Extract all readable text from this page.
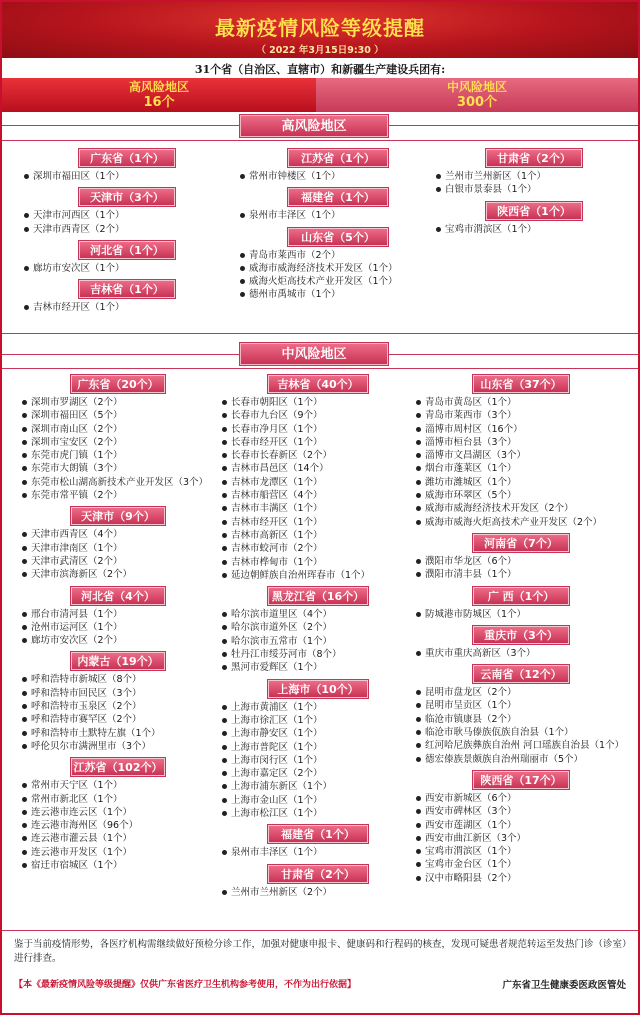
最新疫情风险等级提醒
（ 2022 年3月15日9:30 ）
31个省（自治区、直辖市）和新疆生产建设兵团有:
高风险地区
16个
中风险地区
300个
高风险地区
广东省（1个）
深圳市福田区（1个）
天津市（3个）
天津市河西区（1个）
天津市西青区（2个）
河北省（1个）
廊坊市安次区（1个）
吉林省（1个）
吉林市经开区（1个）
江苏省（1个）
常州市钟楼区（1个）
福建省（1个）
泉州市丰泽区（1个）
山东省（5个）
青岛市莱西市（2个）
威海市威海经济技术开发区（1个）
威海火炬高技术产业开发区（1个）
德州市禹城市（1个）
甘肃省（2个）
兰州市兰州新区（1个）
白银市景泰县（1个）
陕西省（1个）
宝鸡市渭滨区（1个）
中风险地区
广东省（20个）
深圳市罗湖区（2个）
深圳市福田区（5个）
深圳市南山区（2个）
深圳市宝安区（2个）
东莞市虎门镇（1个）
东莞市大朗镇（3个）
东莞市松山湖高新技术产业开发区（3个）
东莞市常平镇（2个）
天津市（9个）
天津市西青区（4个）
天津市津南区（1个）
天津市武清区（2个）
天津市滨海新区（2个）
河北省（4个）
邢台市清河县（1个）
沧州市运河区（1个）
廊坊市安次区（2个）
内蒙古（19个）
呼和浩特市新城区（8个）
呼和浩特市回民区（3个）
呼和浩特市玉泉区（2个）
呼和浩特市赛罕区（2个）
呼和浩特市土默特左旗（1个）
呼伦贝尔市满洲里市（3个）
江苏省（102个）
常州市天宁区（1个）
常州市新北区（1个）
连云港市连云区（1个）
连云港市海州区（96个）
连云港市灌云县（1个）
连云港市开发区（1个）
宿迁市宿城区（1个）
吉林省（40个）
长春市朝阳区（1个）
长春市九台区（9个）
长春市净月区（1个）
长春市经开区（1个）
长春市长春新区（2个）
吉林市昌邑区（14个）
吉林市龙潭区（1个）
吉林市船营区（4个）
吉林市丰满区（1个）
吉林市经开区（1个）
吉林市高新区（1个）
吉林市蛟河市（2个）
吉林市桦甸市（1个）
延边朝鲜族自治州珲春市（1个）
黑龙江省（16个）
哈尔滨市道里区（4个）
哈尔滨市道外区（2个）
哈尔滨市五常市（1个）
牡丹江市绥芬河市（8个）
黑河市爱辉区（1个）
上海市（10个）
上海市黄浦区（1个）
上海市徐汇区（1个）
上海市静安区（1个）
上海市普陀区（1个）
上海市闵行区（1个）
上海市嘉定区（2个）
上海市浦东新区（1个）
上海市金山区（1个）
上海市松江区（1个）
福建省（1个）
泉州市丰泽区（1个）
甘肃省（2个）
兰州市兰州新区（2个）
山东省（37个）
青岛市黄岛区（1个）
青岛市莱西市（3个）
淄博市周村区（16个）
淄博市桓台县（3个）
淄博市文昌湖区（3个）
烟台市蓬莱区（1个）
潍坊市潍城区（1个）
威海市环翠区（5个）
威海市威海经济技术开发区（2个）
威海市威海火炬高技术产业开发区（2个）
河南省（7个）
濮阳市华龙区（6个）
濮阳市清丰县（1个）
广 西（1个）
防城港市防城区（1个）
重庆市（3个）
重庆市重庆高新区（3个）
云南省（12个）
昆明市盘龙区（2个）
昆明市呈贡区（1个）
临沧市镇康县（2个）
临沧市耿马傣族佤族自治县（1个）
红河哈尼族彝族自治州 河口瑶族自治县（1个）
德宏傣族景颇族自治州瑞丽市（5个）
陕西省（17个）
西安市新城区（6个）
西安市碑林区（3个）
西安市莲湖区（1个）
西安市曲江新区（3个）
宝鸡市渭滨区（1个）
宝鸡市金台区（1个）
汉中市略阳县（2个）
鉴于当前疫情形势，各医疗机构需继续做好预检分诊工作，加强对健康申报卡、健康码和行程码的核查，发现可疑患者规范转运至发热门诊（诊室）进行排查。
【本《最新疫情风险等级提醒》仅供广东省医疗卫生机构参考使用，不作为出行依据】	广东省卫生健康委医政医管处
